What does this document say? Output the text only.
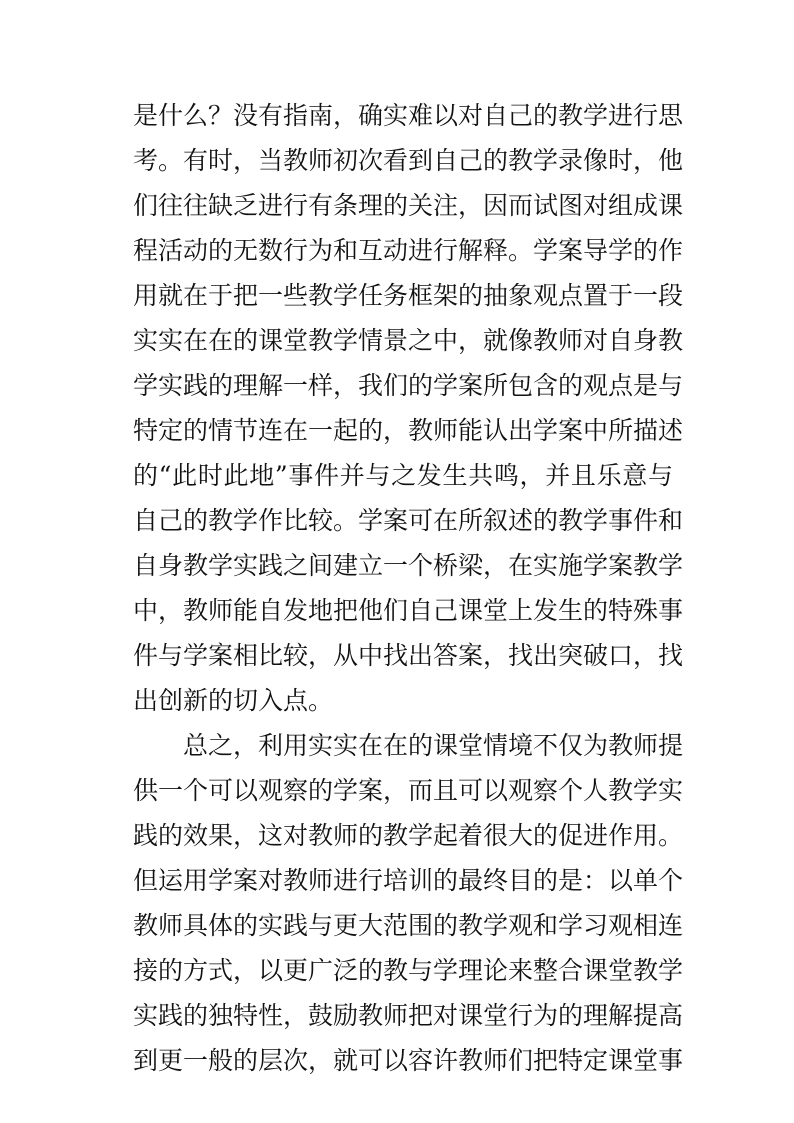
是什么？没有指南，确实难以对自己的教学进行思
考。有时，当教师初次看到自己的教学录像时，他
们往往缺乏进行有条理的关注，因而试图对组成课
程活动的无数行为和互动进行解释。学案导学的作
用就在于把一些教学任务框架的抽象观点置于一段
实实在在的课堂教学情景之中，就像教师对自身教
学实践的理解一样，我们的学案所包含的观点是与
特定的情节连在一起的，教师能认出学案中所描述
的“此时此地”事件并与之发生共鸣，并且乐意与
自己的教学作比较。学案可在所叙述的教学事件和
自身教学实践之间建立一个桥梁，在实施学案教学
中，教师能自发地把他们自己课堂上发生的特殊事
件与学案相比较，从中找出答案，找出突破口，找
出创新的切入点。
总之，利用实实在在的课堂情境不仅为教师提
供一个可以观察的学案，而且可以观察个人教学实
践的效果，这对教师的教学起着很大的促进作用。
但运用学案对教师进行培训的最终目的是：以单个
教师具体的实践与更大范围的教学观和学习观相连
接的方式，以更广泛的教与学理论来整合课堂教学
实践的独特性，鼓励教师把对课堂行为的理解提高
到更一般的层次，就可以容许教师们把特定课堂事
